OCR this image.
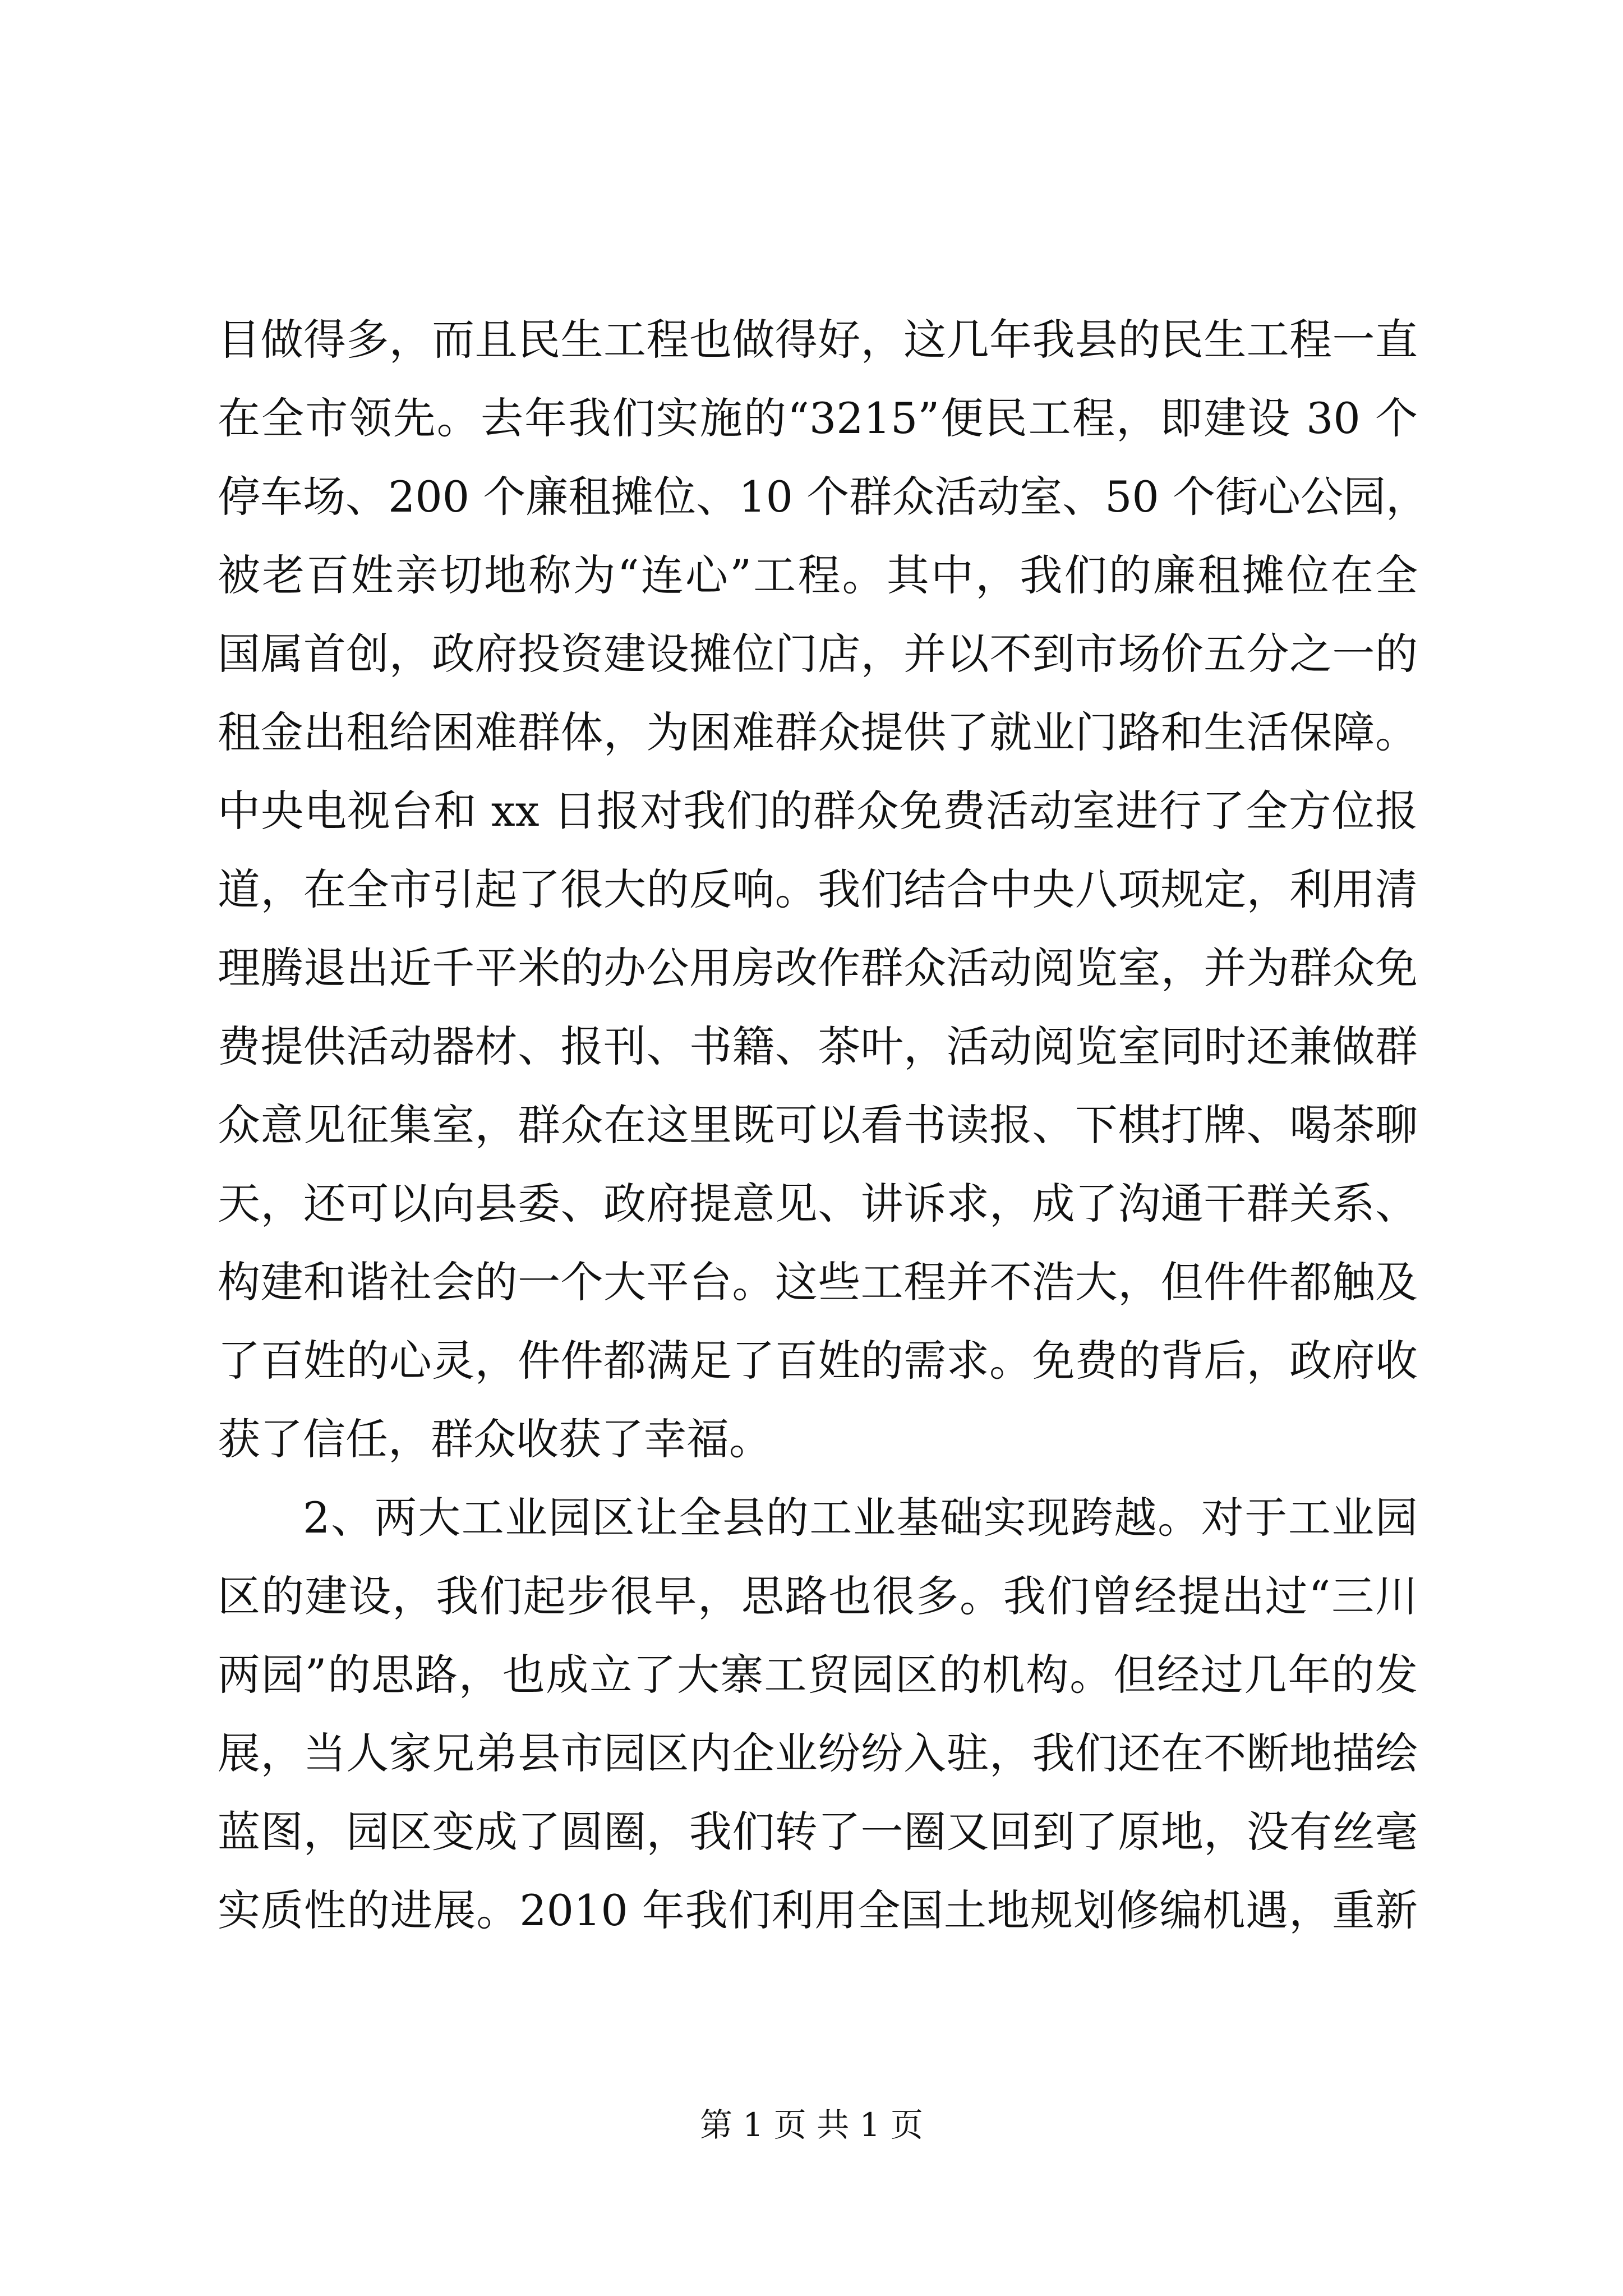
目做得多，而且民生工程也做得好，这几年我县的民生工程一直
在全市领先。去年我们实施的“3215”便民工程，即建设 30 个
停车场、200 个廉租摊位、10 个群众活动室、50 个街心公园，
被老百姓亲切地称为“连心”工程。其中，我们的廉租摊位在全
国属首创，政府投资建设摊位门店，并以不到市场价五分之一的
租金出租给困难群体，为困难群众提供了就业门路和生活保障。
中央电视台和 xx 日报对我们的群众免费活动室进行了全方位报
道，在全市引起了很大的反响。我们结合中央八项规定，利用清
理腾退出近千平米的办公用房改作群众活动阅览室，并为群众免
费提供活动器材、报刊、书籍、茶叶，活动阅览室同时还兼做群
众意见征集室，群众在这里既可以看书读报、下棋打牌、喝茶聊
天，还可以向县委、政府提意见、讲诉求，成了沟通干群关系、
构建和谐社会的一个大平台。这些工程并不浩大，但件件都触及
了百姓的心灵，件件都满足了百姓的需求。免费的背后，政府收
获了信任，群众收获了幸福。
2、两大工业园区让全县的工业基础实现跨越。对于工业园
区的建设，我们起步很早，思路也很多。我们曾经提出过“三川
两园”的思路，也成立了大寨工贸园区的机构。但经过几年的发
展，当人家兄弟县市园区内企业纷纷入驻，我们还在不断地描绘
蓝图，园区变成了圆圈，我们转了一圈又回到了原地，没有丝毫
实质性的进展。2010 年我们利用全国土地规划修编机遇，重新
第 1 页 共 1 页
